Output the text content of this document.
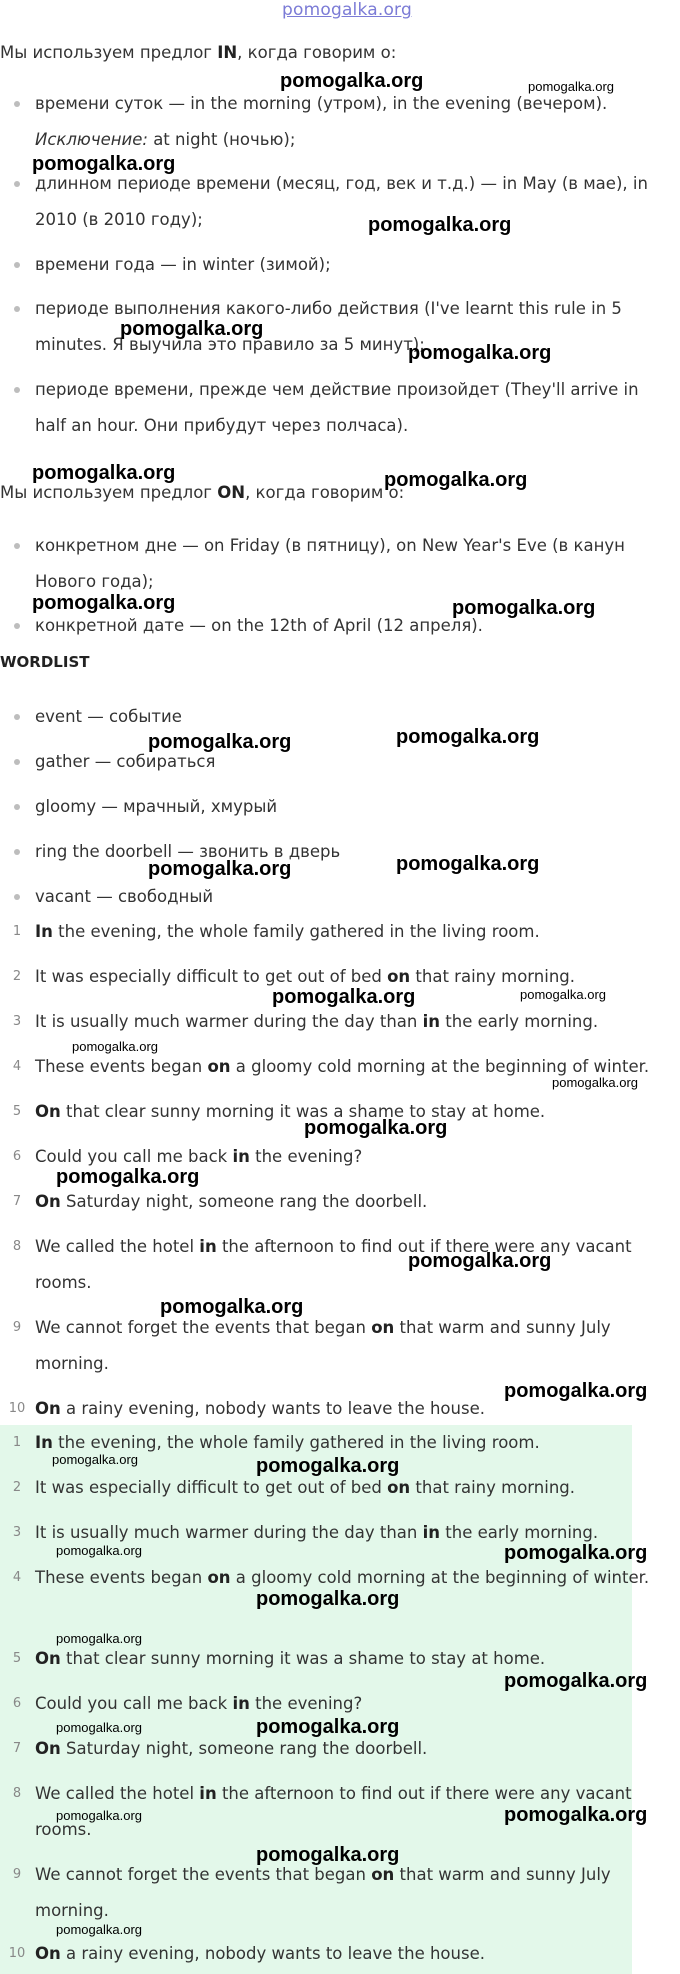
pomogalka.org
Мы используем предлог IN, когда говорим о:
времени суток — in the morning (утром), in the evening (вечером).
Исключение: at night (ночью);
длинном периоде времени (месяц, год, век и т.д.) — in May (в мае), in 2010 (в 2010 году);
времени года — in winter (зимой);
периоде выполнения какого-либо действия (I've learnt this rule in 5 minutes. Я выучила это правило за 5 минут);
периоде времени, прежде чем действие произойдет (They'll arrive in half an hour. Они прибудут через полчаса).
Мы используем предлог ON, когда говорим о:
конкретном дне — on Friday (в пятницу), on New Year's Eve (в канун Нового года);
конкретной дате — on the 12th of April (12 апреля).
WORDLIST
event — событие
gather — собираться
gloomy — мрачный, хмурый
ring the doorbell — звонить в дверь
vacant — свободный
1 In the evening, the whole family gathered in the living room.
2 It was especially difficult to get out of bed on that rainy morning.
3 It is usually much warmer during the day than in the early morning.
4 These events began on a gloomy cold morning at the beginning of winter.
5 On that clear sunny morning it was a shame to stay at home.
6 Could you call me back in the evening?
7 On Saturday night, someone rang the doorbell.
8 We called the hotel in the afternoon to find out if there were any vacant rooms.
9 We cannot forget the events that began on that warm and sunny July morning.
10 On a rainy evening, nobody wants to leave the house.
1 In the evening, the whole family gathered in the living room.
2 It was especially difficult to get out of bed on that rainy morning.
3 It is usually much warmer during the day than in the early morning.
4 These events began on a gloomy cold morning at the beginning of winter.
5 On that clear sunny morning it was a shame to stay at home.
6 Could you call me back in the evening?
7 On Saturday night, someone rang the doorbell.
8 We called the hotel in the afternoon to find out if there were any vacant rooms.
9 We cannot forget the events that began on that warm and sunny July morning.
10 On a rainy evening, nobody wants to leave the house.
pomogalka.org	pomogalka.org
pomogalka.org
pomogalka.org
pomogalka.org
pomogalka.org
pomogalka.org	pomogalka.org
pomogalka.org	pomogalka.org
pomogalka.org	pomogalka.org
pomogalka.org	pomogalka.org
pomogalka.org	pomogalka.org
pomogalka.org
pomogalka.org
pomogalka.org
pomogalka.org
pomogalka.org
pomogalka.org
pomogalka.org
pomogalka.org	pomogalka.org
pomogalka.org	pomogalka.org
pomogalka.org
pomogalka.org
pomogalka.org
pomogalka.org	pomogalka.org
pomogalka.org	pomogalka.org
pomogalka.org
pomogalka.org
